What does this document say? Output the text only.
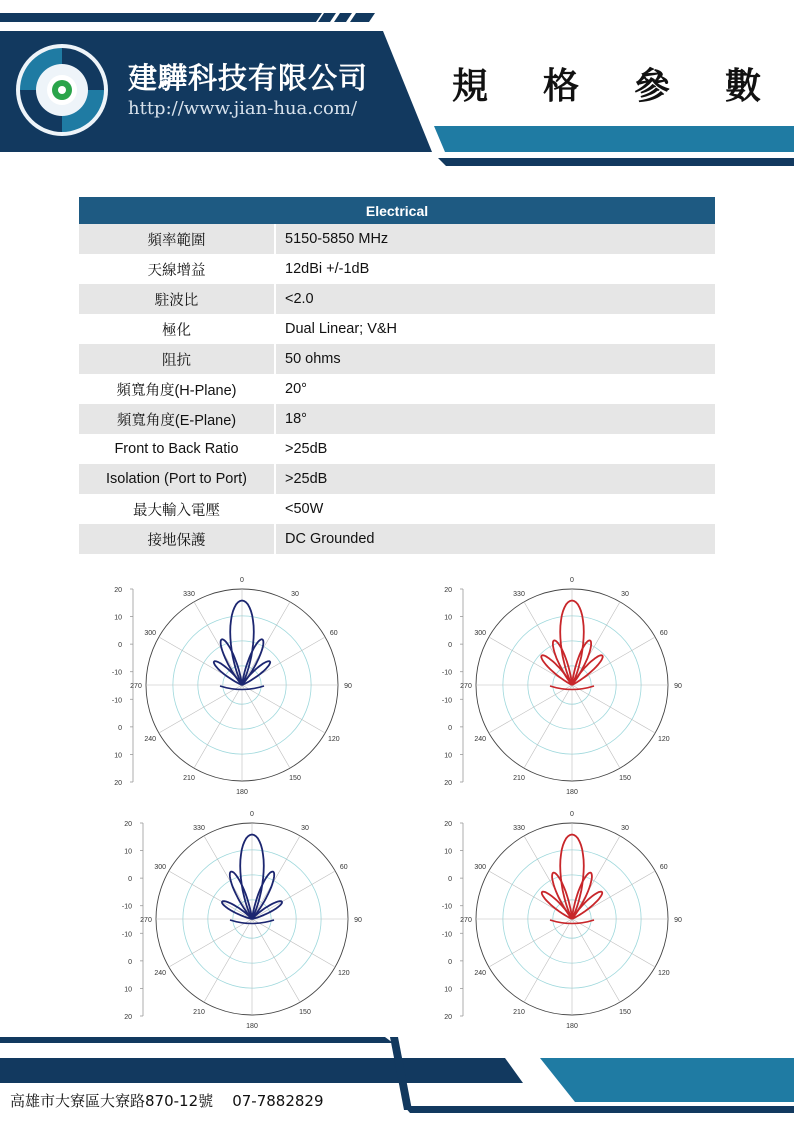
建驊科技有限公司
http://www.jian-hua.com/
規 格 參 數
Electrical	
頻率範圍	5150-5850 MHz
天線增益	12dBi +/-1dB
駐波比	<2.0
極化	Dual Linear; V&H
阻抗	50 ohms
頻寬角度(H-Plane)	20°
頻寬角度(E-Plane)	18°
Front to Back Ratio	>25dB
Isolation (Port to Port)	>25dB
最大輸入電壓	<50W
接地保護	DC Grounded
20
10
0
-10
-10
0
10
20
0
30
60
90
120
150
180
210
240
270
300
330
20
10
0
-10
-10
0
10
20
0
30
60
90
120
150
180
210
240
270
300
330
20
10
0
-10
-10
0
10
20
0
30
60
90
120
150
180
210
240
270
300
330
20
10
0
-10
-10
0
10
20
0
30
60
90
120
150
180
210
240
270
300
330
高雄市大寮區大寮路870-12號 07-7882829
